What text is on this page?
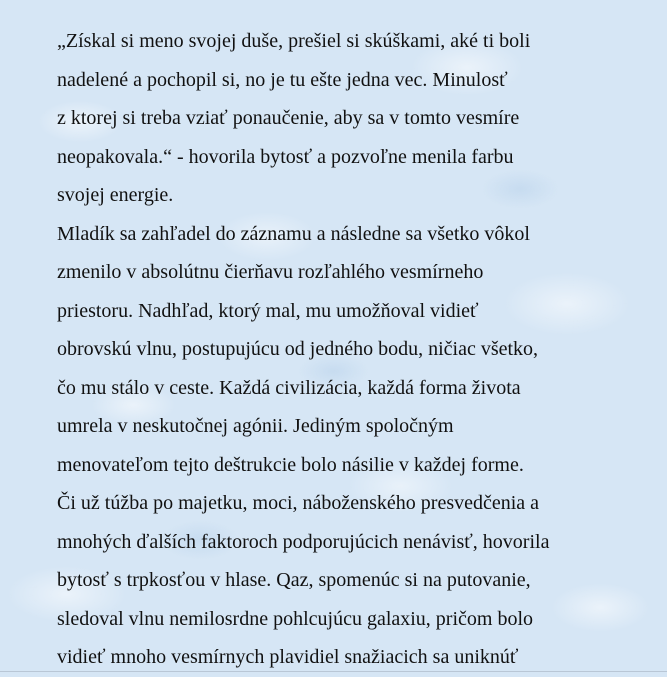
„Získal si meno svojej duše, prešiel si skúškami, aké ti boli
nadelené a pochopil si, no je tu ešte jedna vec. Minulosť
z ktorej si treba vziať ponaučenie, aby sa v tomto vesmíre
neopakovala.“ - hovorila bytosť a pozvoľne menila farbu
svojej energie.
Mladík sa zahľadel do záznamu a následne sa všetko vôkol
zmenilo v absolútnu čierňavu rozľahlého vesmírneho
priestoru. Nadhľad, ktorý mal, mu umožňoval vidieť
obrovskú vlnu, postupujúcu od jedného bodu, ničiac všetko,
čo mu stálo v ceste. Každá civilizácia, každá forma života
umrela v neskutočnej agónii. Jediným spoločným
menovateľom tejto deštrukcie bolo násilie v každej forme.
Či už túžba po majetku, moci, náboženského presvedčenia a
mnohých ďalších faktoroch podporujúcich nenávisť, hovorila
bytosť s trpkosťou v hlase. Qaz, spomenúc si na putovanie,
sledoval vlnu nemilosrdne pohlcujúcu galaxiu, pričom bolo
vidieť mnoho vesmírnych plavidiel snažiacich sa uniknúť
